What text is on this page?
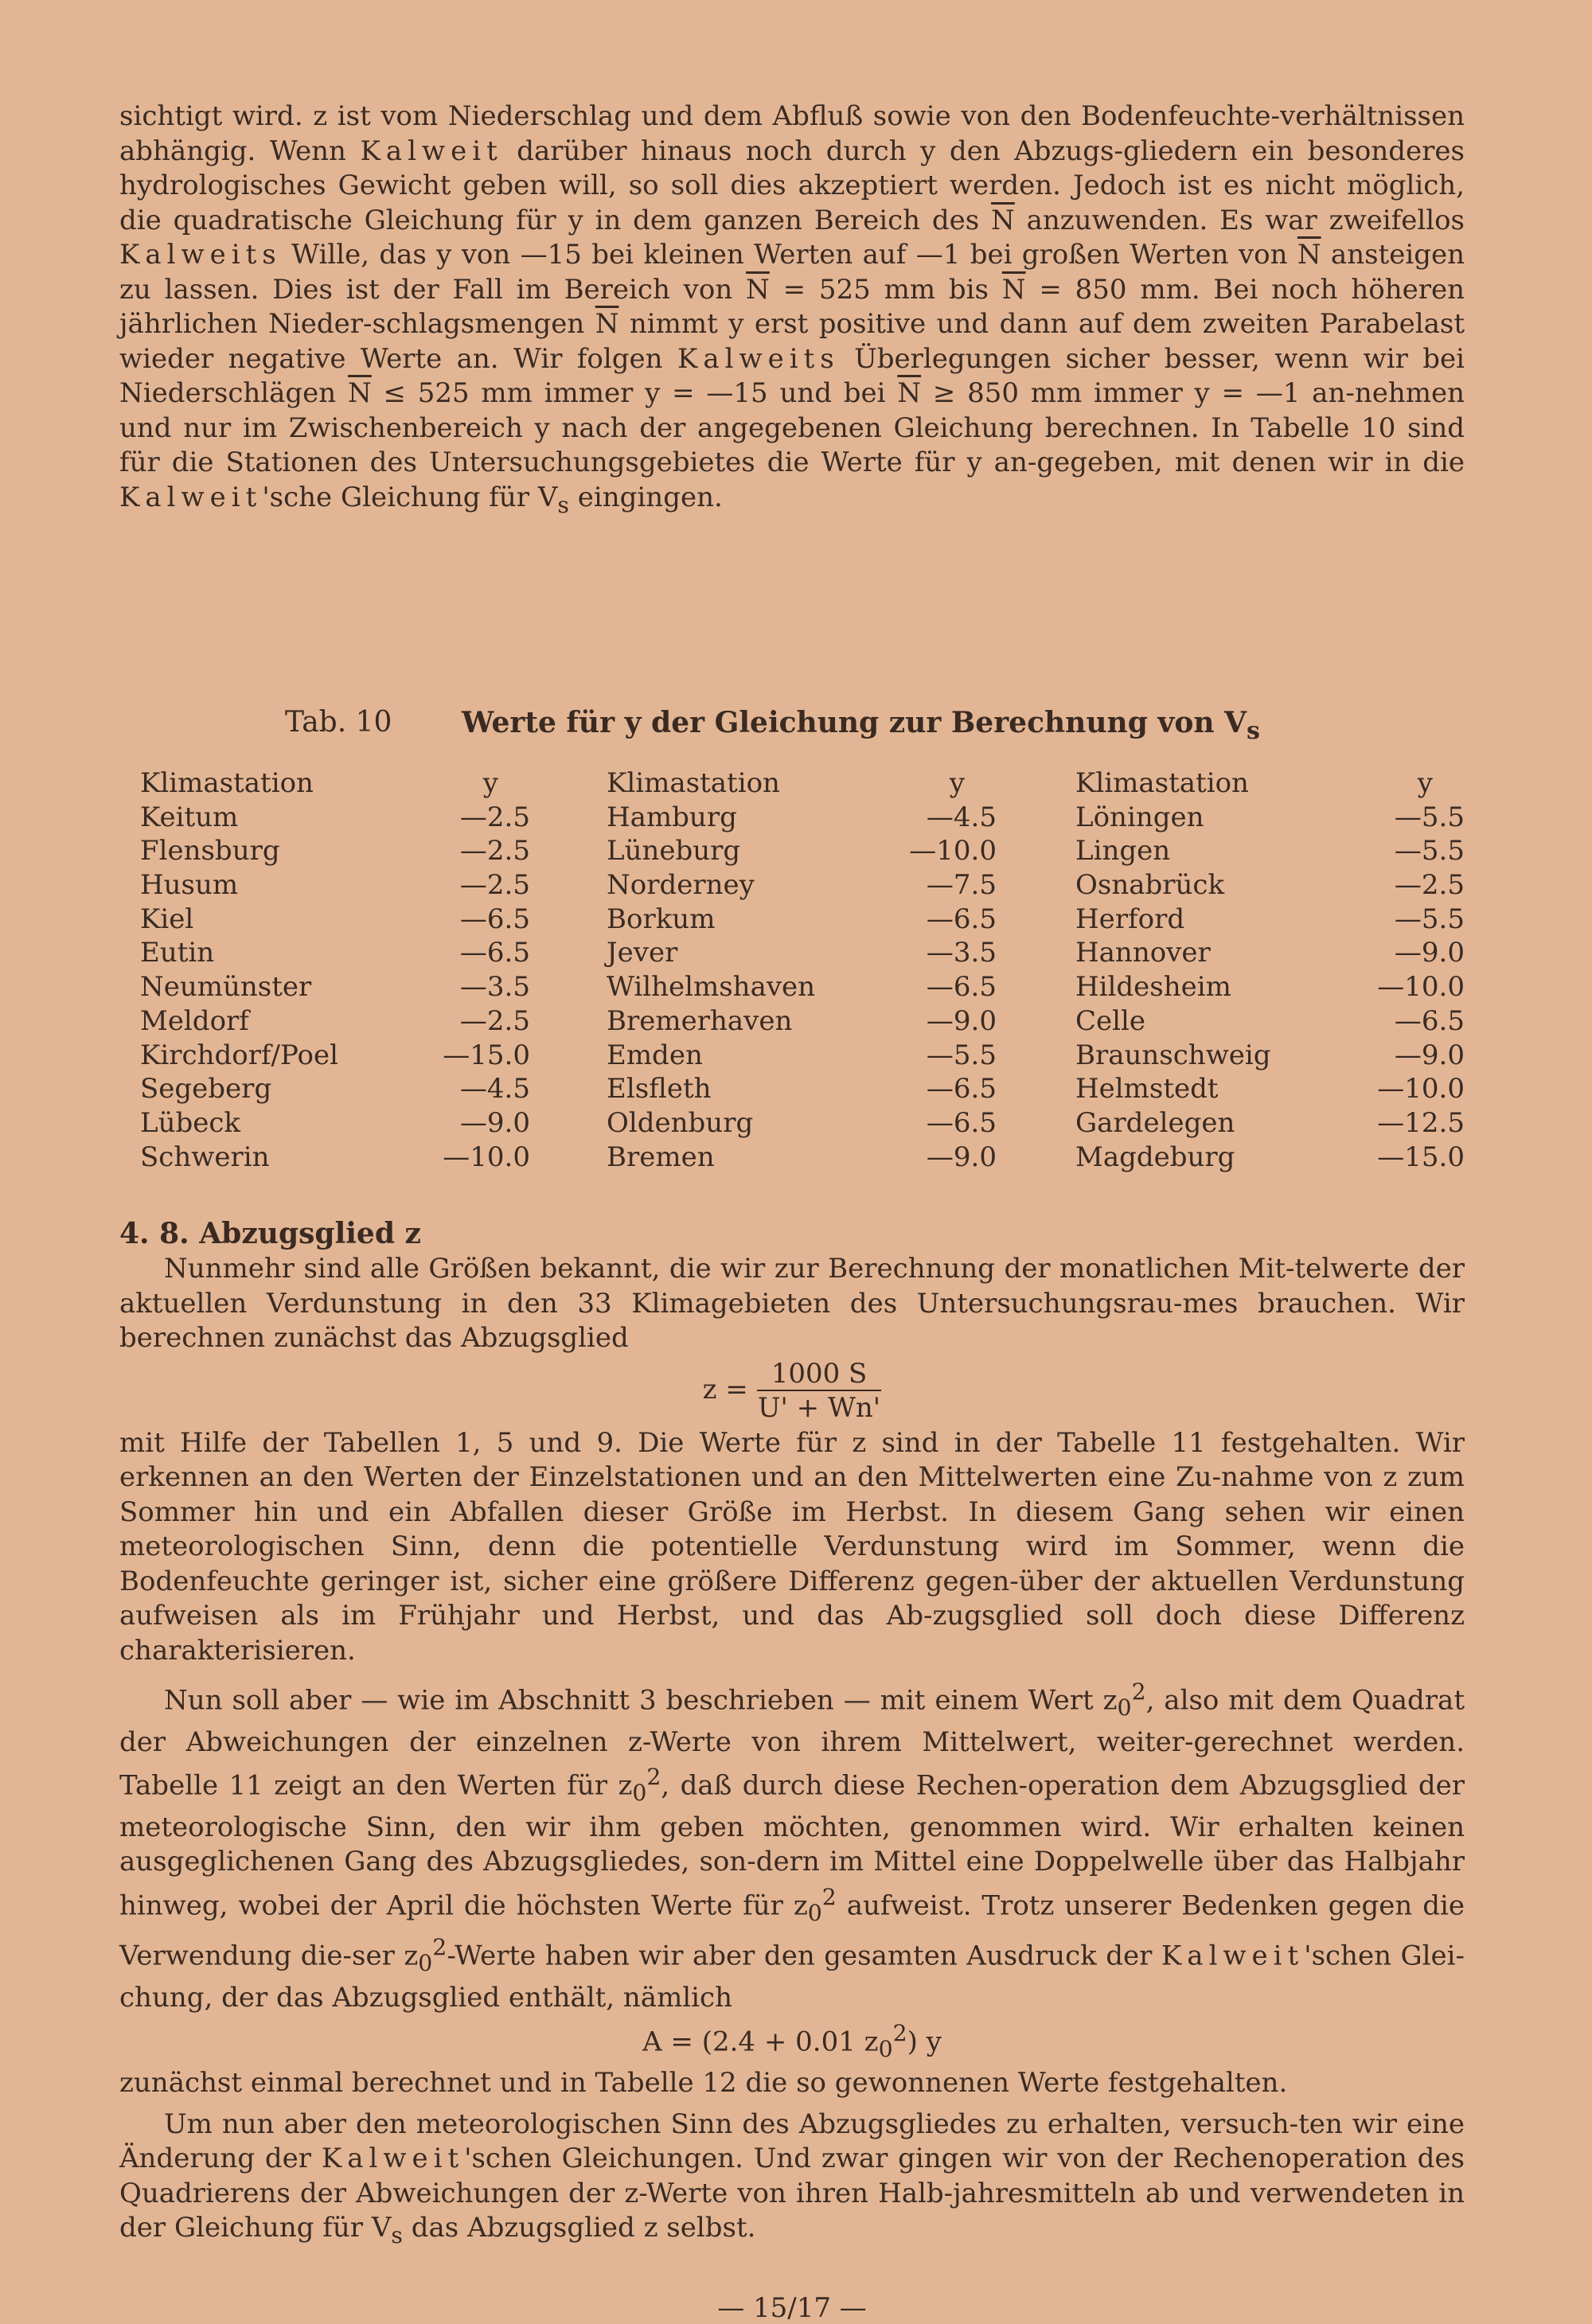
sichtigt wird. z ist vom Niederschlag und dem Abfluß sowie von den Bodenfeuchte-verhältnissen abhängig. Wenn Kalweit darüber hinaus noch durch y den Abzugs-gliedern ein besonderes hydrologisches Gewicht geben will, so soll dies akzeptiert werden. Jedoch ist es nicht möglich, die quadratische Gleichung für y in dem ganzen Bereich des $\overline{N}$ anzuwenden. Es war zweifellos Kalweits Wille, das y von —15 bei kleinen Werten auf —1 bei großen Werten von $\overline{N}$ ansteigen zu lassen. Dies ist der Fall im Bereich von $\overline{N} = 525$ mm bis $\overline{N} = 850$ mm. Bei noch höheren jährlichen Nieder-schlagsmengen $\overline{N}$ nimmt y erst positive und dann auf dem zweiten Parabelast wieder negative Werte an. Wir folgen Kalweits Überlegungen sicher besser, wenn wir bei Niederschlägen $\overline{N} \le 525$ mm immer y = —15 und bei $\overline{N} \ge 850$ mm immer y = —1 an-nehmen und nur im Zwischenbereich y nach der angegebenen Gleichung berechnen. In Tabelle 10 sind für die Stationen des Untersuchungsgebietes die Werte für y an-gegeben, mit denen wir in die Kalweit'sche Gleichung für $V_s$ eingingen.

Tab. 10 Werte für y der Gleichung zur Berechnung von $V_s$
Klimastation	y
Keitum	—2.5
Flensburg	—2.5
Husum	—2.5
Kiel	—6.5
Eutin	—6.5
Neumünster	—3.5
Meldorf	—2.5
Kirchdorf/Poel	—15.0
Segeberg	—4.5
Lübeck	—9.0
Schwerin	—10.0
Klimastation	y
Hamburg	—4.5
Lüneburg	—10.0
Norderney	—7.5
Borkum	—6.5
Jever	—3.5
Wilhelmshaven	—6.5
Bremerhaven	—9.0
Emden	—5.5
Elsfleth	—6.5
Oldenburg	—6.5
Bremen	—9.0
Klimastation	y
Löningen	—5.5
Lingen	—5.5
Osnabrück	—2.5
Herford	—5.5
Hannover	—9.0
Hildesheim	—10.0
Celle	—6.5
Braunschweig	—9.0
Helmstedt	—10.0
Gardelegen	—12.5
Magdeburg	—15.0
4. 8. Abzugsglied z

Nunmehr sind alle Größen bekannt, die wir zur Berechnung der monatlichen Mit-telwerte der aktuellen Verdunstung in den 33 Klimagebieten des Untersuchungsrau-mes brauchen. Wir berechnen zunächst das Abzugsglied

$z = \frac{1000 S}{U' + Wn'}$

mit Hilfe der Tabellen 1, 5 und 9. Die Werte für z sind in der Tabelle 11 festgehalten. Wir erkennen an den Werten der Einzelstationen und an den Mittelwerten eine Zu-nahme von z zum Sommer hin und ein Abfallen dieser Größe im Herbst. In diesem Gang sehen wir einen meteorologischen Sinn, denn die potentielle Verdunstung wird im Sommer, wenn die Bodenfeuchte geringer ist, sicher eine größere Differenz gegen-über der aktuellen Verdunstung aufweisen als im Frühjahr und Herbst, und das Ab-zugsglied soll doch diese Differenz charakterisieren.

Nun soll aber — wie im Abschnitt 3 beschrieben — mit einem Wert $z_0^2$, also mit dem Quadrat der Abweichungen der einzelnen z-Werte von ihrem Mittelwert, weiter-gerechnet werden. Tabelle 11 zeigt an den Werten für $z_0^2$, daß durch diese Rechen-operation dem Abzugsglied der meteorologische Sinn, den wir ihm geben möchten, genommen wird. Wir erhalten keinen ausgeglichenen Gang des Abzugsgliedes, son-dern im Mittel eine Doppelwelle über das Halbjahr hinweg, wobei der April die höchsten Werte für $z_0^2$ aufweist. Trotz unserer Bedenken gegen die Verwendung die-ser $z_0^2$-Werte haben wir aber den gesamten Ausdruck der Kalweit'schen Glei-chung, der das Abzugsglied enthält, nämlich

A = (2.4 + 0.01 $z_0^2$) y

zunächst einmal berechnet und in Tabelle 12 die so gewonnenen Werte festgehalten.

Um nun aber den meteorologischen Sinn des Abzugsgliedes zu erhalten, versuch-ten wir eine Änderung der Kalweit'schen Gleichungen. Und zwar gingen wir von der Rechenoperation des Quadrierens der Abweichungen der z-Werte von ihren Halb-jahresmitteln ab und verwendeten in der Gleichung für $V_s$ das Abzugsglied z selbst.

— 15/17 —
